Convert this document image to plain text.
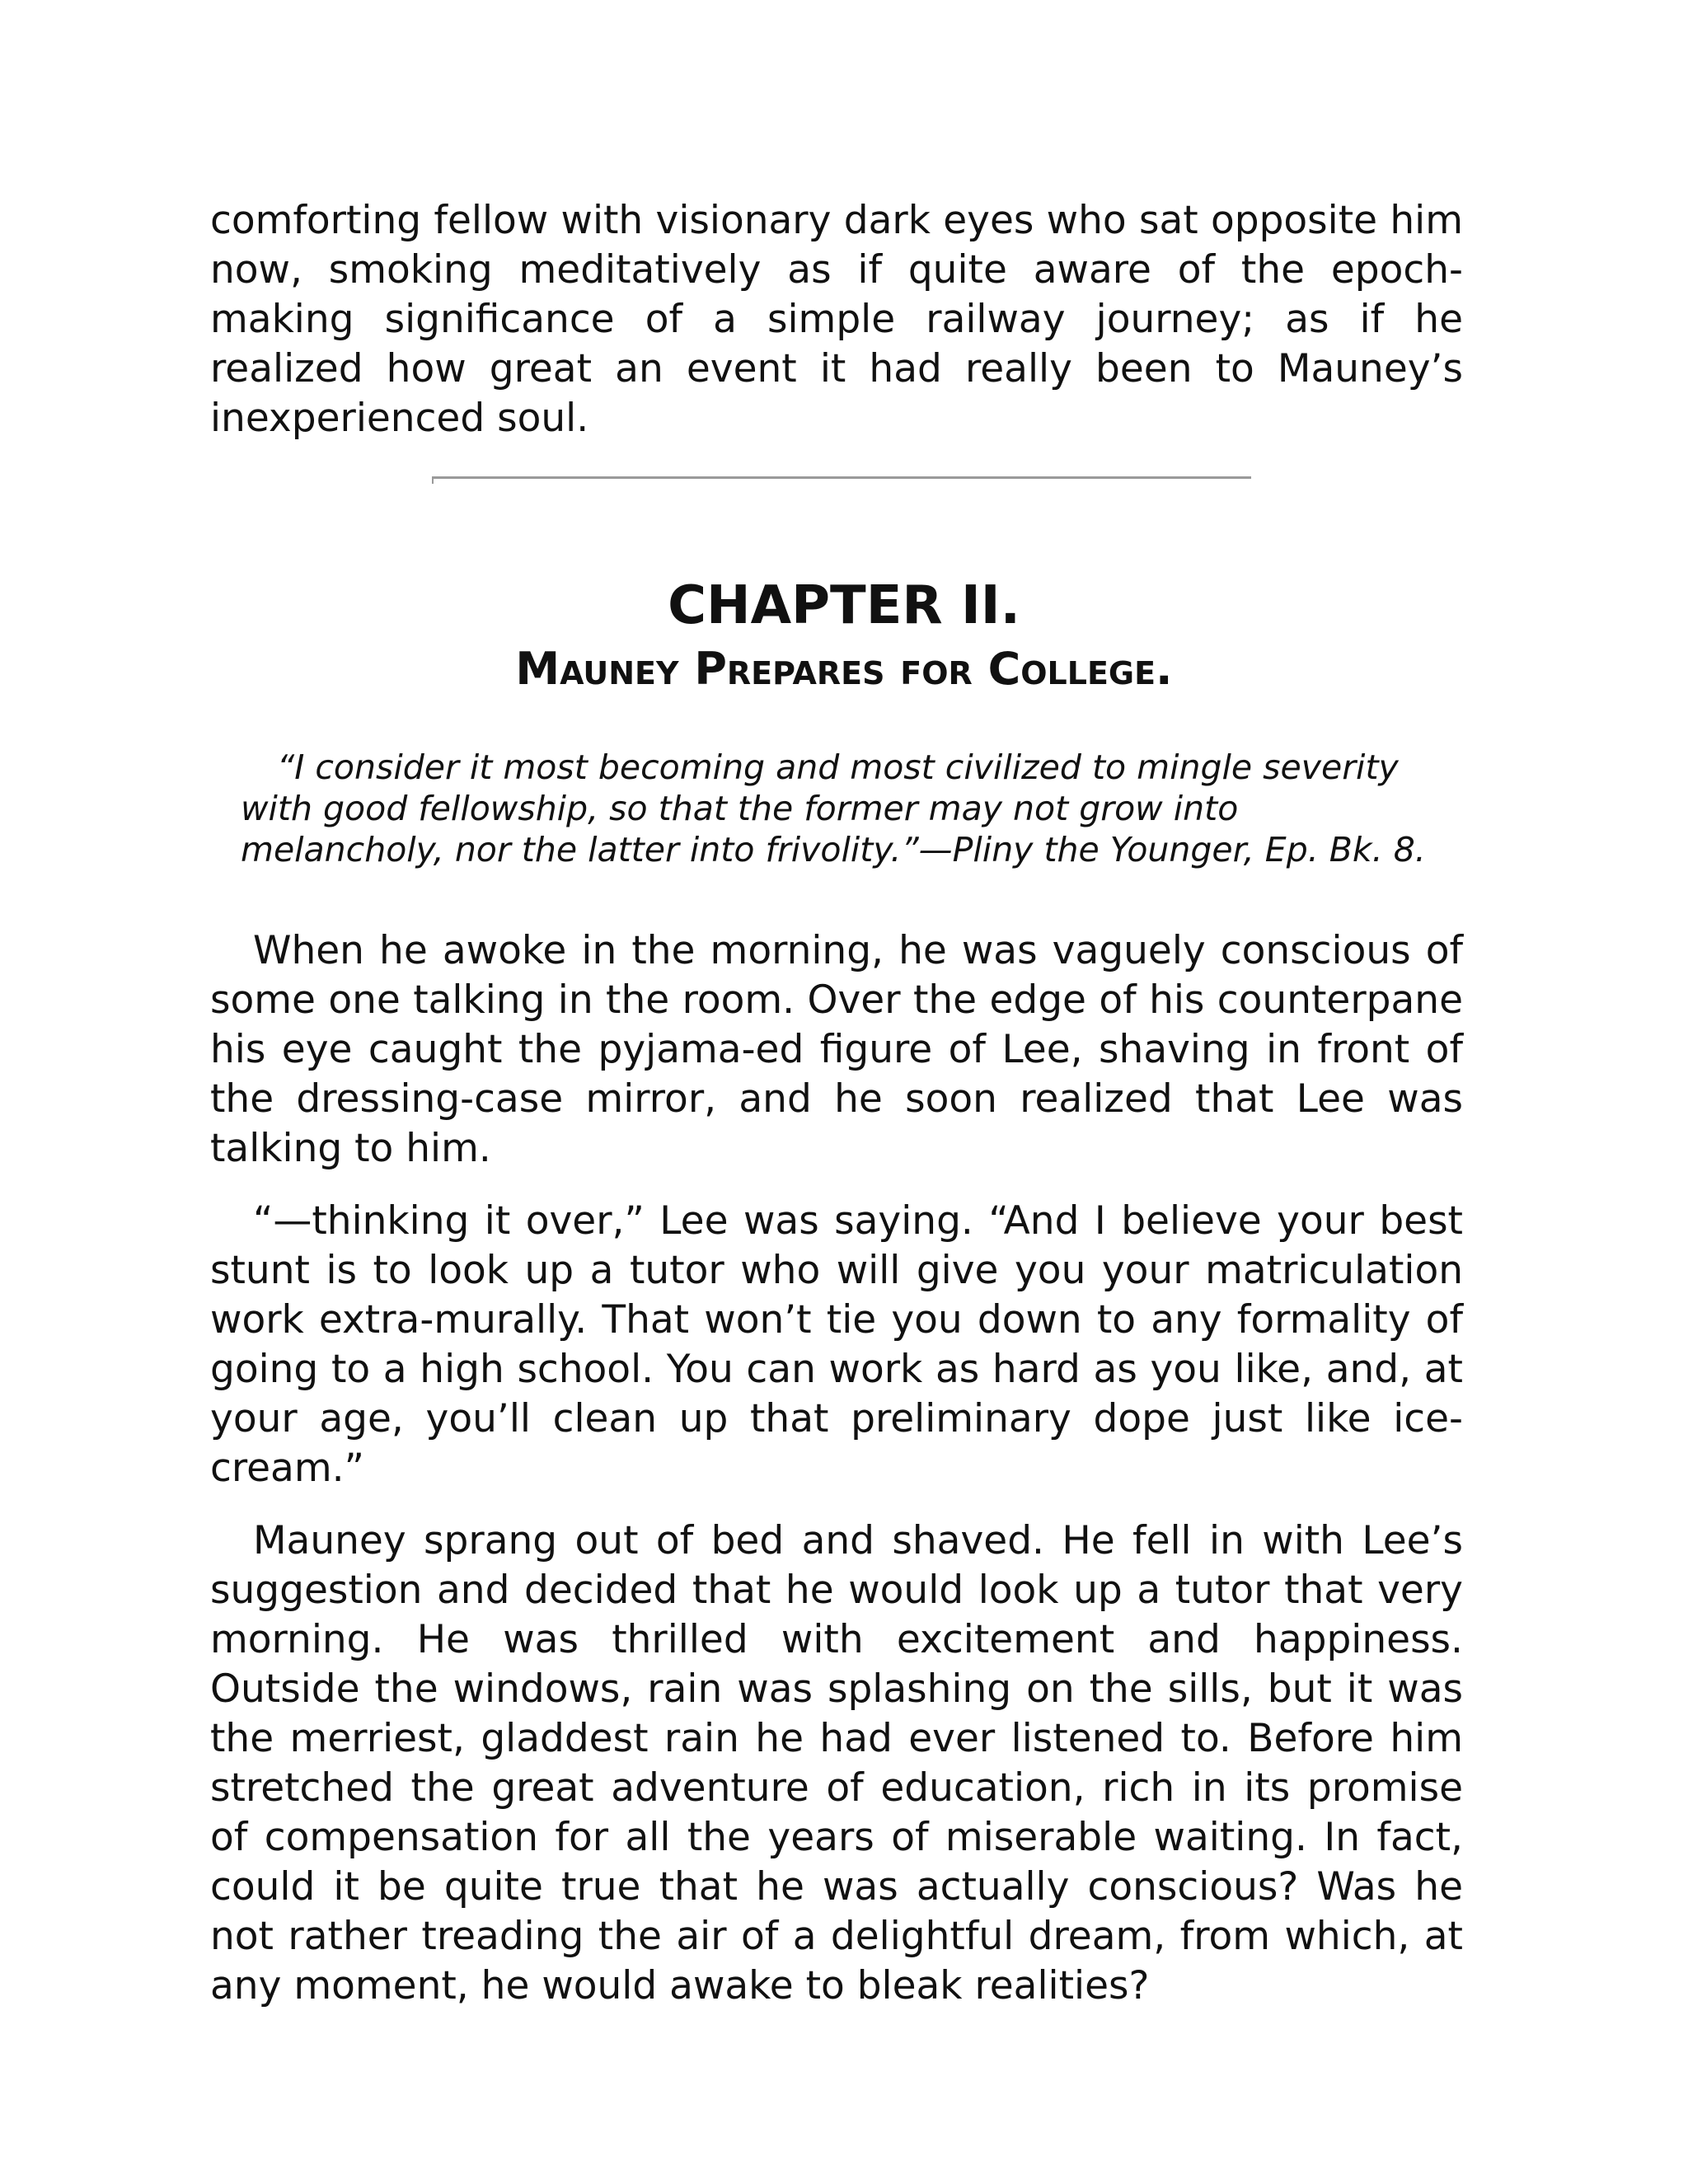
comforting fellow with visionary dark eyes who sat opposite him now, smoking meditatively as if quite aware of the epoch-making significance of a simple railway journey; as if he realized how great an event it had really been to Mauney’s inexperienced soul.

CHAPTER II.
Mauney Prepares for College.

“I consider it most becoming and most civilized to mingle severity with good fellowship, so that the former may not grow into melancholy, nor the latter into frivolity.”—Pliny the Younger, Ep. Bk. 8.

When he awoke in the morning, he was vaguely conscious of some one talking in the room. Over the edge of his counterpane his eye caught the pyjama-ed figure of Lee, shaving in front of the dressing-case mirror, and he soon realized that Lee was talking to him.

“—thinking it over,” Lee was saying. “And I believe your best stunt is to look up a tutor who will give you your matriculation work extra-murally. That won’t tie you down to any formality of going to a high school. You can work as hard as you like, and, at your age, you’ll clean up that preliminary dope just like ice-cream.”

Mauney sprang out of bed and shaved. He fell in with Lee’s suggestion and decided that he would look up a tutor that very morning. He was thrilled with excitement and happiness. Outside the windows, rain was splashing on the sills, but it was the merriest, gladdest rain he had ever listened to. Before him stretched the great adventure of education, rich in its promise of compensation for all the years of miserable waiting. In fact, could it be quite true that he was actually conscious? Was he not rather treading the air of a delightful dream, from which, at any moment, he would awake to bleak realities?
